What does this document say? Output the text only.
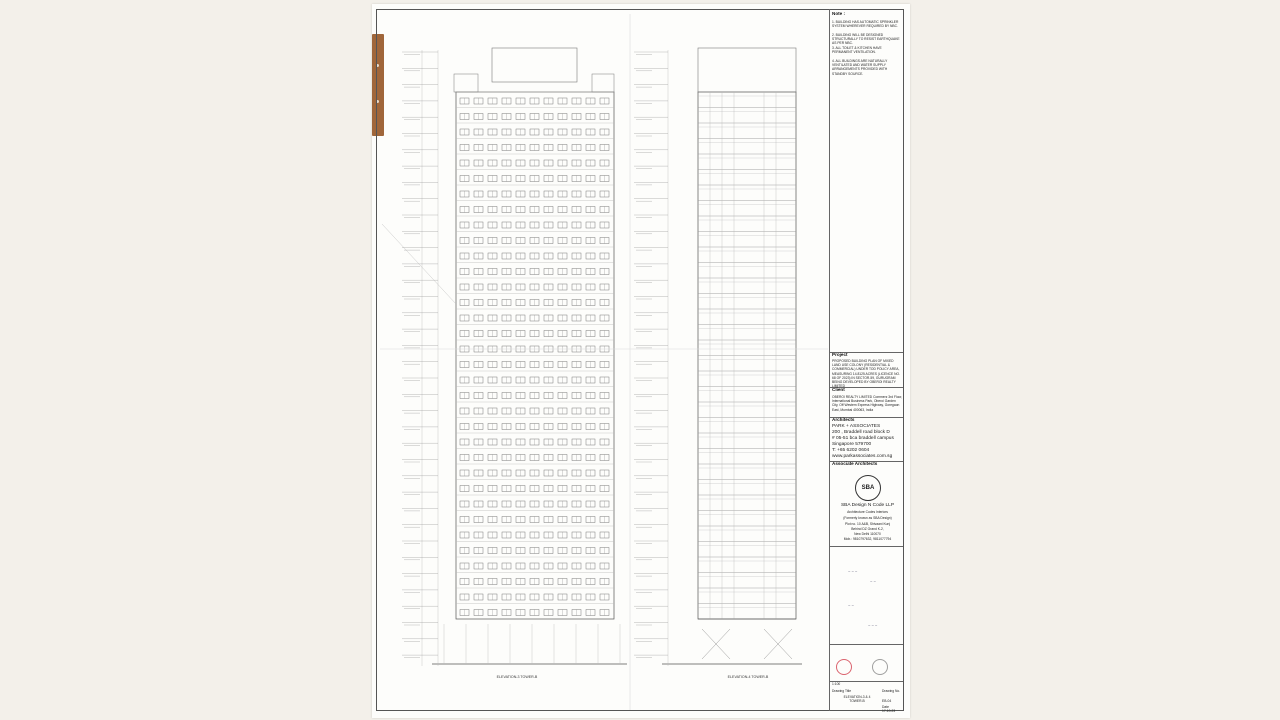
ELEVATION-3 TOWER-B	ELEVATION-4 TOWER-B
Note :
1. BUILDING HAS AUTOMATIC SPRINKLER SYSTEM WHEREVER REQUIRED BY NBC.
2. BUILDING WILL BE DESIGNED STRUCTURALLY TO RESIST EARTHQUAKE AS PER NBC.
3. ALL TOILET & KITCHEN HAVE PERMANENT VENTILATION.
4. ALL BUILDINGS ARE NATURALLY VENTILATED AND WATER SUPPLY ARRANGEMENTS PROVIDED WITH STANDBY SOURCE.
Project
PROPOSED BUILDING PLAN OF MIXED LAND USE COLONY (RESIDENTIAL & COMMERCIAL) UNDER TOD POLICY AREA, MEASURING 14.8125 ACRES (LICENCE NO. 68 OF 2023) IN SECTOR-59, GURUGRAM BEING DEVELOPED BY OBEROI REALTY LIMITED
Client
OBEROI REALTY LIMITED Commerz 3rd Floor, International Business Park, Oberoi Garden City, Off Western Express Highway, Goregaon East, Mumbai 400063, India
Architects
PARK + ASSOCIATES
200 , Braddell road block D
# 05-51 bca braddell campus
Singapore 579700
T: +65 6202 0604
www.parkassociates.com.sg
Associate Architects
SBA
SBA Design N Code LLP
Architecture Codes Interiors
(Formerly known as SBA Design)
Plot no. 10 A&B, Shivaani Kunj
Behind DZ Grand K-2,
New Delhi 110070
Mob.: 9810797632, 9811077794
~ ~ ~
~ ~
~ ~
~ ~ ~
1:100
Drawing Title	Drawing No.
ELEVATION-3 & 4 TOWER-B	EB-04
Date
17-10-23
